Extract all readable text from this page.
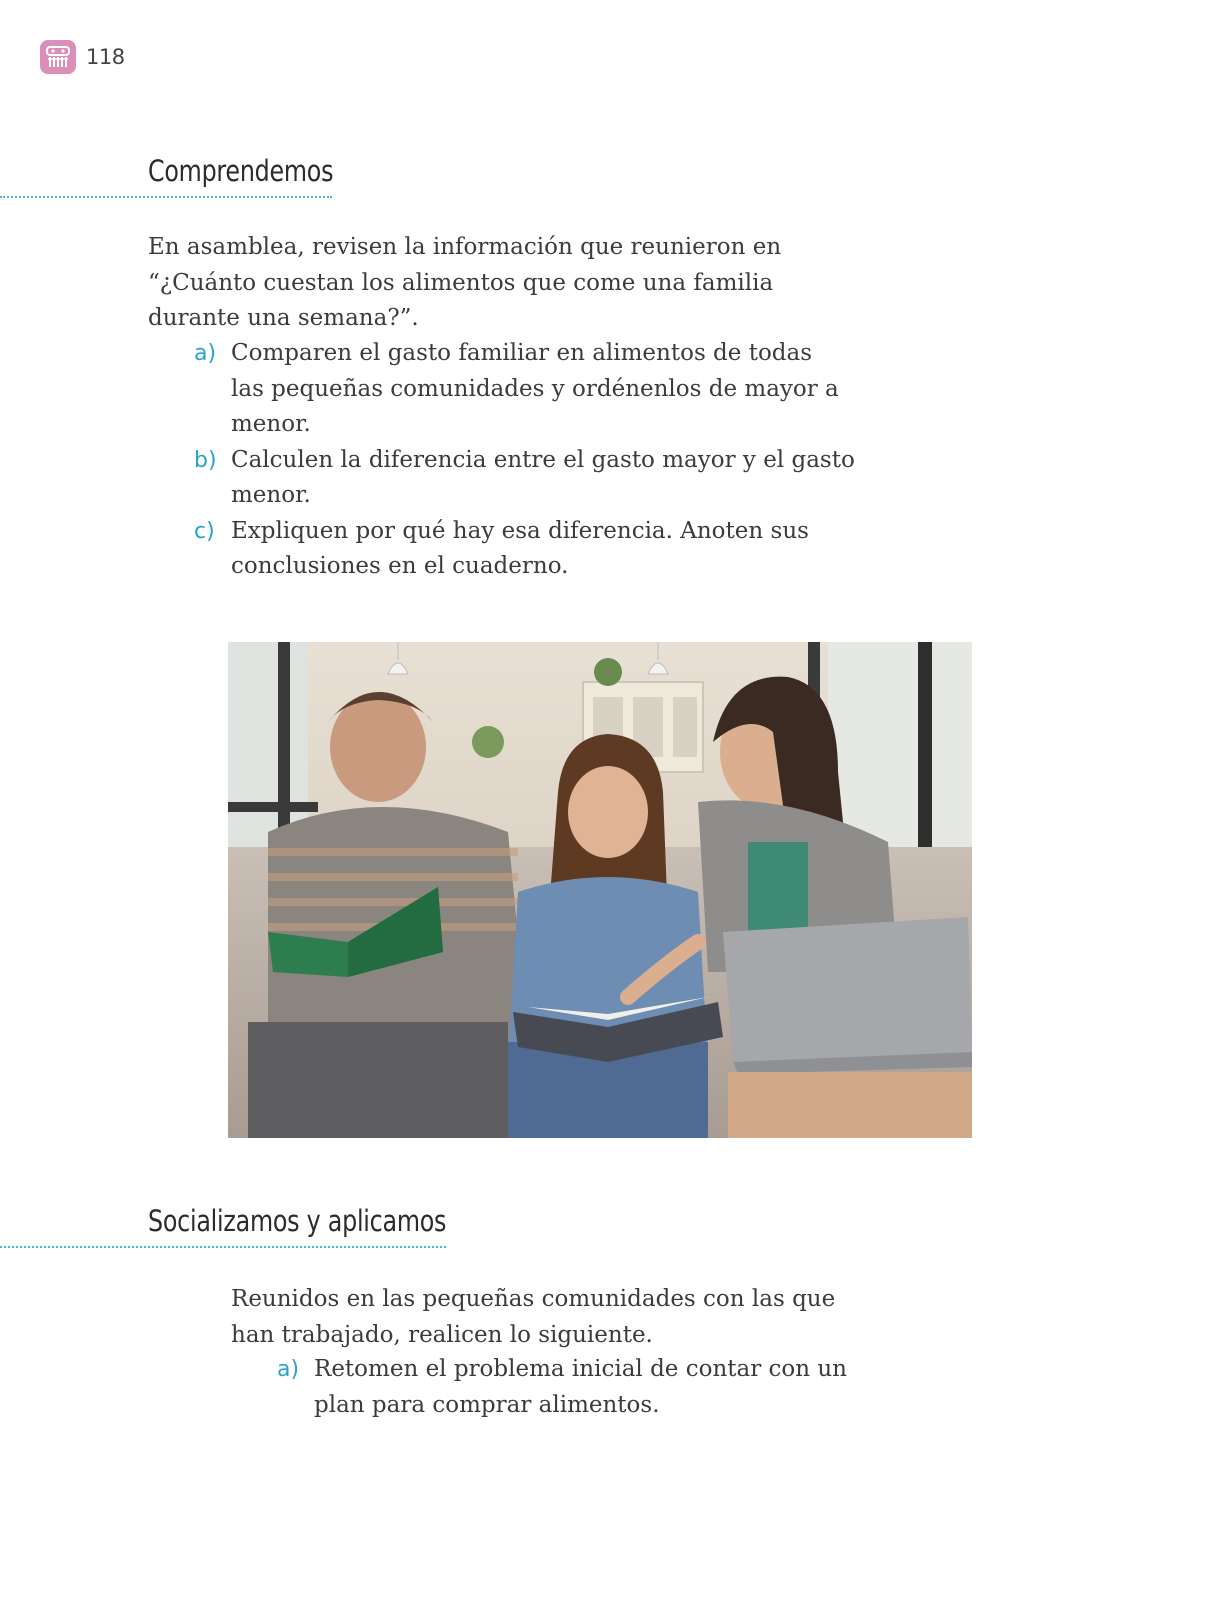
118
Comprendemos
En asamblea, revisen la información que reunieron en
“¿Cuánto cuestan los alimentos que come una familia
durante una semana?”.
a) Comparen el gasto familiar en alimentos de todas
las pequeñas comunidades y ordénenlos de mayor a
menor.
b) Calculen la diferencia entre el gasto mayor y el gasto
menor.
c) Expliquen por qué hay esa diferencia. Anoten sus
conclusiones en el cuaderno.
Socializamos y aplicamos
Reunidos en las pequeñas comunidades con las que
han trabajado, realicen lo siguiente.
a) Retomen el problema inicial de contar con un
plan para comprar alimentos.
